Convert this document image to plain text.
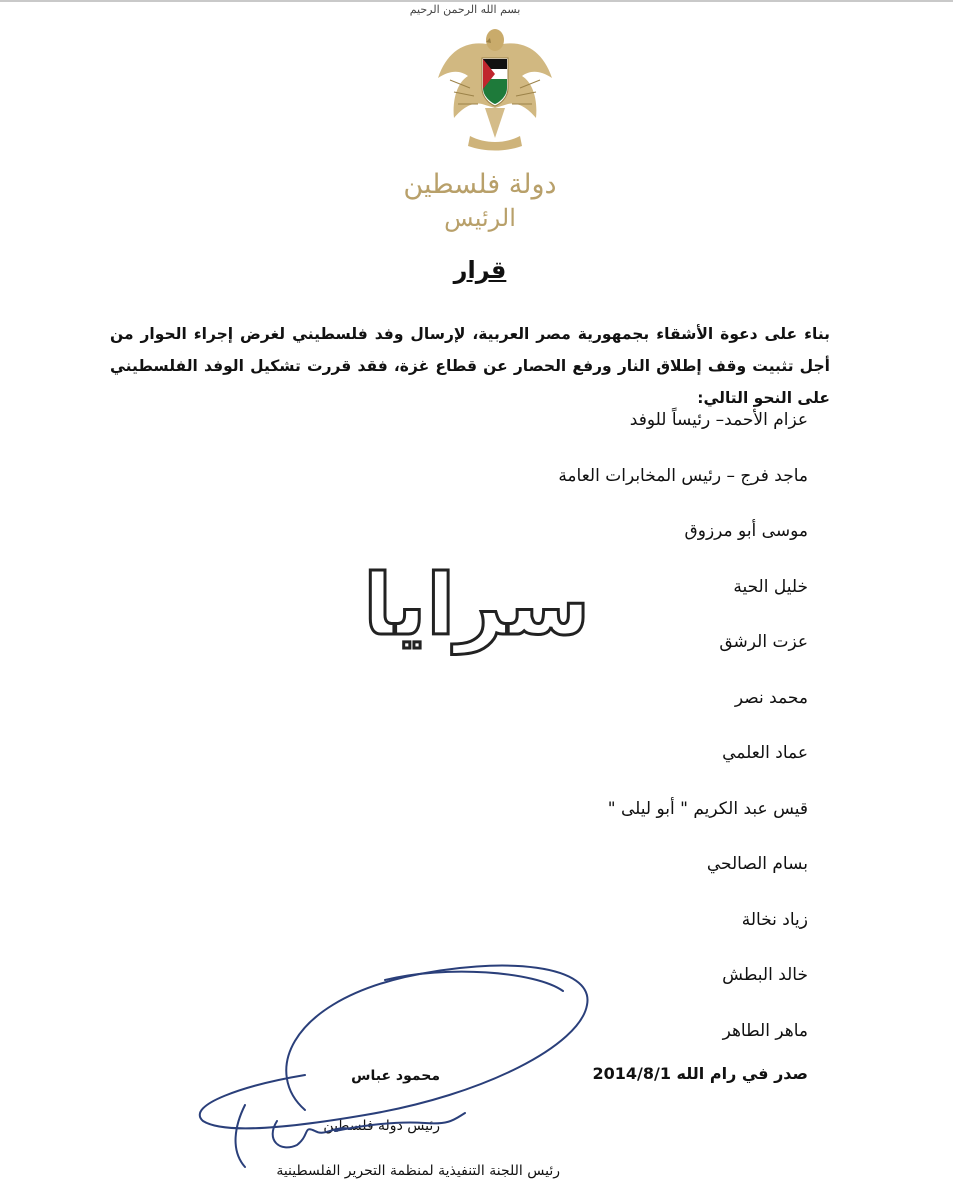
بسم الله الرحمن الرحيم
دولة فلسطين
الرئيس
قرار
بناء على دعوة الأشقاء بجمهورية مصر العربية، لإرسال وفد فلسطيني لغرض إجراء الحوار من أجل تثبيت وقف إطلاق النار ورفع الحصار عن قطاع غزة، فقد قررت تشكيل الوفد الفلسطيني على النحو التالي:
عزام الأحمد– رئيساً للوفد
ماجد فرج – رئيس المخابرات العامة
موسى أبو مرزوق
خليل الحية
عزت الرشق
محمد نصر
عماد العلمي
قيس عبد الكريم " أبو ليلى "
بسام الصالحي
زياد نخالة
خالد البطش
ماهر الطاهر
صدر في رام الله 2014/8/1
محمود عباس
رئيس دولة فلسطين
رئيس اللجنة التنفيذية لمنظمة التحرير الفلسطينية
سرايا
